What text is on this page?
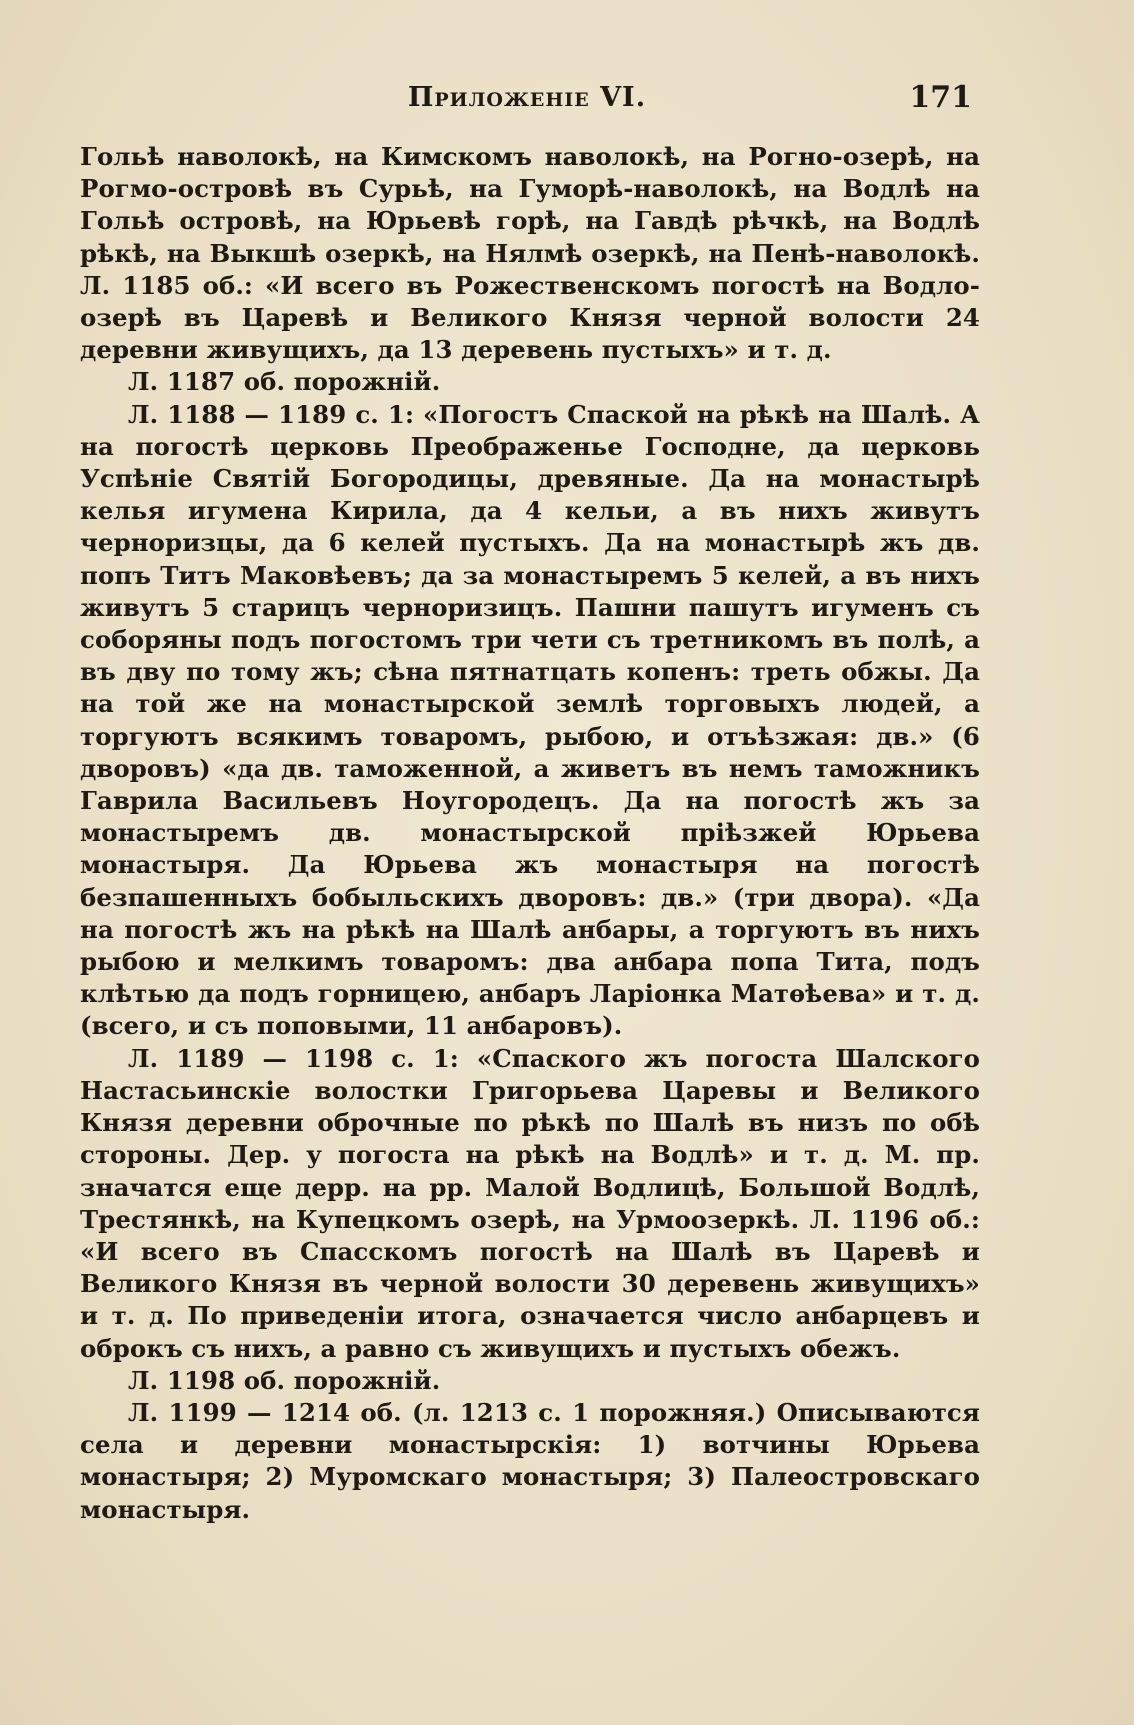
Приложеніе VI.	171

Гольѣ наволокѣ, на Кимскомъ наволокѣ, на Рогно-озерѣ, на Рогмо-островѣ въ Сурьѣ, на Гуморѣ-наволокѣ, на Водлѣ на Гольѣ островѣ, на Юрьевѣ горѣ, на Гавдѣ рѣчкѣ, на Водлѣ рѣкѣ, на Выкшѣ озеркѣ, на Нялмѣ озеркѣ, на Пенѣ-наволокѣ. Л. 1185 об.: «И всего въ Рожественскомъ погостѣ на Водло-озерѣ въ Царевѣ и Великого Князя черной волости 24 деревни живущихъ, да 13 деревень пустыхъ» и т. д.

Л. 1187 об. порожній.

Л. 1188 — 1189 с. 1: «Погостъ Спаской на рѣкѣ на Шалѣ. А на погостѣ церковь Преображенье Господне, да церковь Успѣніе Святій Богородицы, древяные. Да на монастырѣ келья игумена Кирила, да 4 кельи, а въ нихъ живутъ черноризцы, да 6 келей пустыхъ. Да на монастырѣ жъ дв. попъ Титъ Маковѣевъ; да за монастыремъ 5 келей, а въ нихъ живутъ 5 старицъ черноризицъ. Пашни пашутъ игуменъ съ соборяны подъ погостомъ три чети съ третникомъ въ полѣ, а въ дву по тому жъ; сѣна пятнатцать копенъ: треть обжы. Да на той же на монастырской землѣ торговыхъ людей, а торгуютъ всякимъ товаромъ, рыбою, и отъѣзжая: дв.» (6 дворовъ) «да дв. таможенной, а живетъ въ немъ таможникъ Гаврила Васильевъ Ноугородецъ. Да на погостѣ жъ за монастыремъ дв. монастырской пріѣзжей Юрьева монастыря. Да Юрьева жъ монастыря на погостѣ безпашенныхъ бобыльскихъ дворовъ: дв.» (три двора). «Да на погостѣ жъ на рѣкѣ на Шалѣ анбары, а торгуютъ въ нихъ рыбою и мелкимъ товаромъ: два анбара попа Тита, подъ клѣтью да подъ горницею, анбаръ Ларіонка Матѳѣева» и т. д. (всего, и съ поповыми, 11 анбаровъ).

Л. 1189 — 1198 с. 1: «Спаского жъ погоста Шалского Настасьинскіе волостки Григорьева Царевы и Великого Князя деревни оброчные по рѣкѣ по Шалѣ въ низъ по обѣ стороны. Дер. у погоста на рѣкѣ на Водлѣ» и т. д. М. пр. значатся еще дерр. на рр. Малой Водлицѣ, Большой Водлѣ, Трестянкѣ, на Купецкомъ озерѣ, на Урмоозеркѣ. Л. 1196 об.: «И всего въ Спасскомъ погостѣ на Шалѣ въ Царевѣ и Великого Князя въ черной волости 30 деревень живущихъ» и т. д. По приведеніи итога, означается число анбарцевъ и оброкъ съ нихъ, а равно съ живущихъ и пустыхъ обежъ.

Л. 1198 об. порожній.

Л. 1199 — 1214 об. (л. 1213 с. 1 порожняя.) Описываются села и деревни монастырскія: 1) вотчины Юрьева монастыря; 2) Муромскаго монастыря; 3) Палеостровскаго монастыря.
